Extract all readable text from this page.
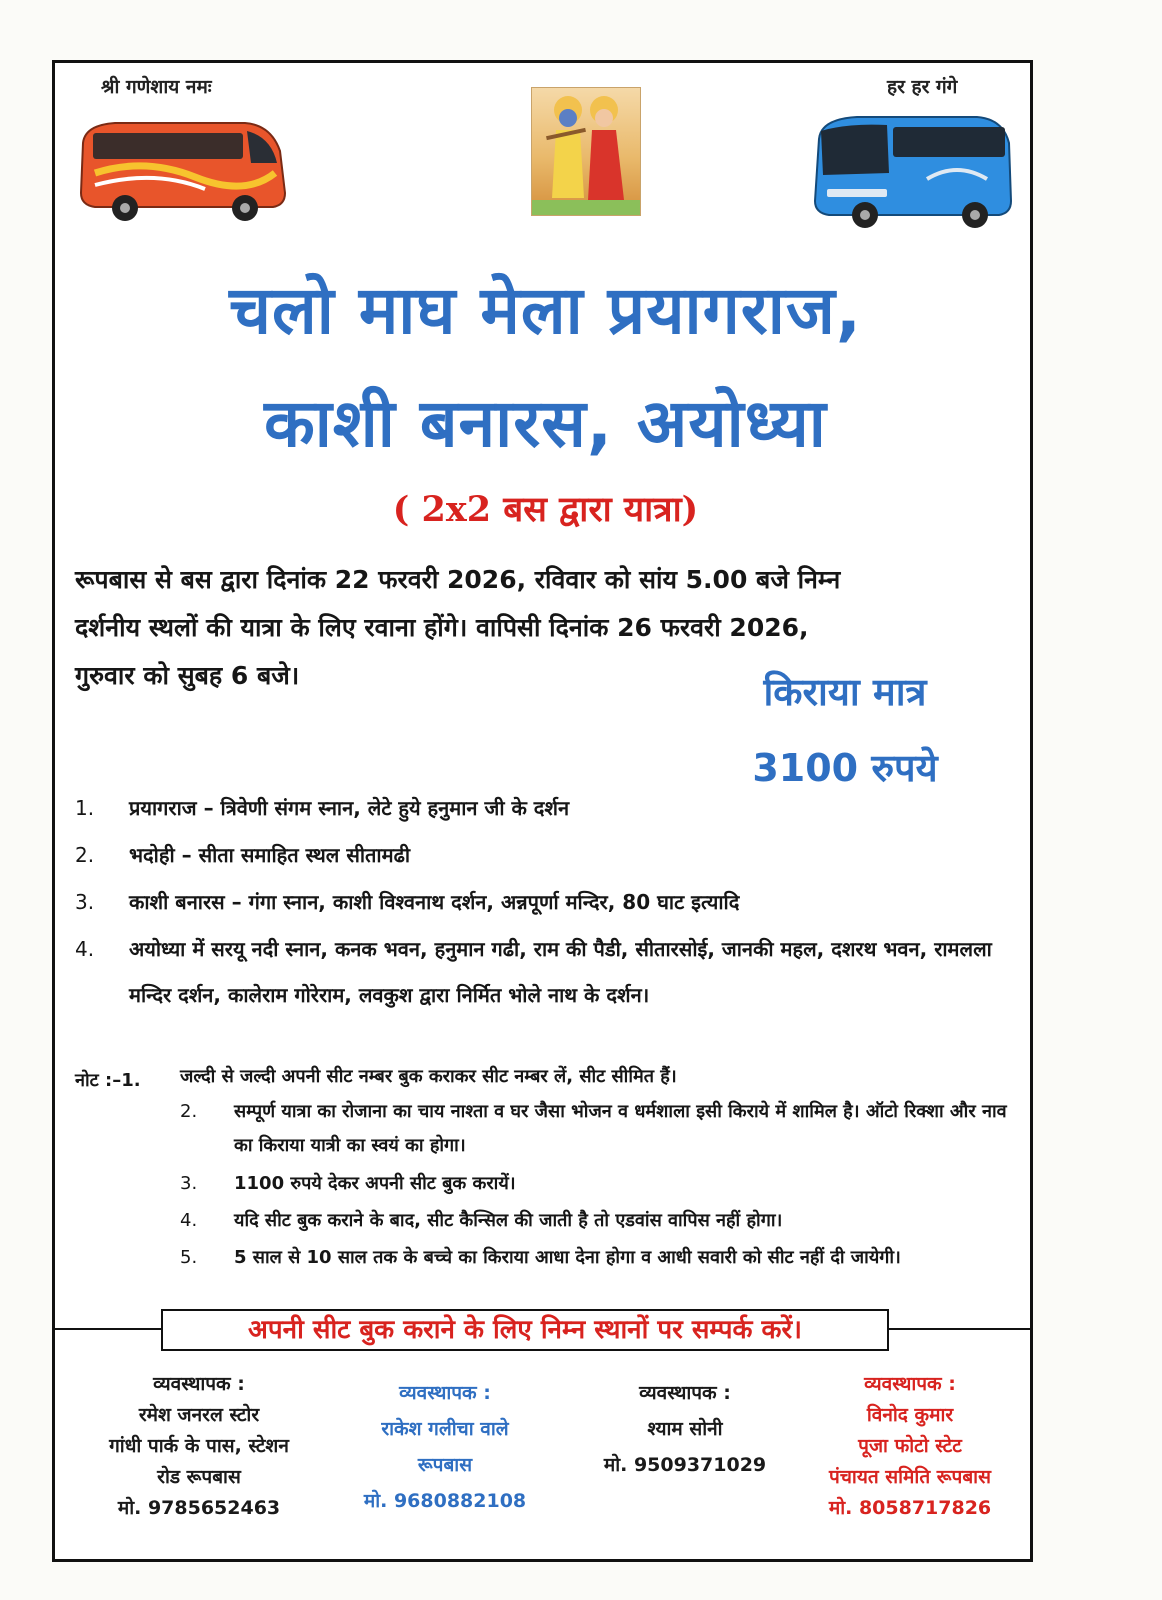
श्री गणेशाय नमः	हर हर गंगे
चलो माघ मेला प्रयागराज,
काशी बनारस, अयोध्या
( 2x2 बस द्वारा यात्रा)
रूपबास से बस द्वारा दिनांक 22 फरवरी 2026, रविवार को सांय 5.00 बजे निम्न
दर्शनीय स्थलों की यात्रा के लिए रवाना होंगे। वापिसी दिनांक 26 फरवरी 2026,
गुरुवार को सुबह 6 बजे।	किराया मात्र
3100 रुपये
1. प्रयागराज – त्रिवेणी संगम स्नान, लेटे हुये हनुमान जी के दर्शन
2. भदोही – सीता समाहित स्थल सीतामढी
3. काशी बनारस – गंगा स्नान, काशी विश्वनाथ दर्शन, अन्नपूर्णा मन्दिर, 80 घाट इत्यादि
4. अयोध्या में सरयू नदी स्नान, कनक भवन, हनुमान गढी, राम की पैडी, सीतारसोई, जानकी महल, दशरथ भवन, रामलला मन्दिर दर्शन, कालेराम गोरेराम, लवकुश द्वारा निर्मित भोले नाथ के दर्शन।
नोट :–1. जल्दी से जल्दी अपनी सीट नम्बर बुक कराकर सीट नम्बर लें, सीट सीमित हैं।
2. सम्पूर्ण यात्रा का रोजाना का चाय नाश्ता व घर जैसा भोजन व धर्मशाला इसी किराये में शामिल है। ऑटो रिक्शा और नाव का किराया यात्री का स्वयं का होगा।
3. 1100 रुपये देकर अपनी सीट बुक करायें।
4. यदि सीट बुक कराने के बाद, सीट कैन्सिल की जाती है तो एडवांस वापिस नहीं होगा।
5. 5 साल से 10 साल तक के बच्चे का किराया आधा देना होगा व आधी सवारी को सीट नहीं दी जायेगी।
अपनी सीट बुक कराने के लिए निम्न स्थानों पर सम्पर्क करें।
व्यवस्थापक :
रमेश जनरल स्टोर
गांधी पार्क के पास, स्टेशन
रोड रूपबास
मो. 9785652463
व्यवस्थापक :
राकेश गलीचा वाले
रूपबास
मो. 9680882108
व्यवस्थापक :
श्याम सोनी
मो. 9509371029
व्यवस्थापक :
विनोद कुमार
पूजा फोटो स्टेट
पंचायत समिति रूपबास
मो. 8058717826
